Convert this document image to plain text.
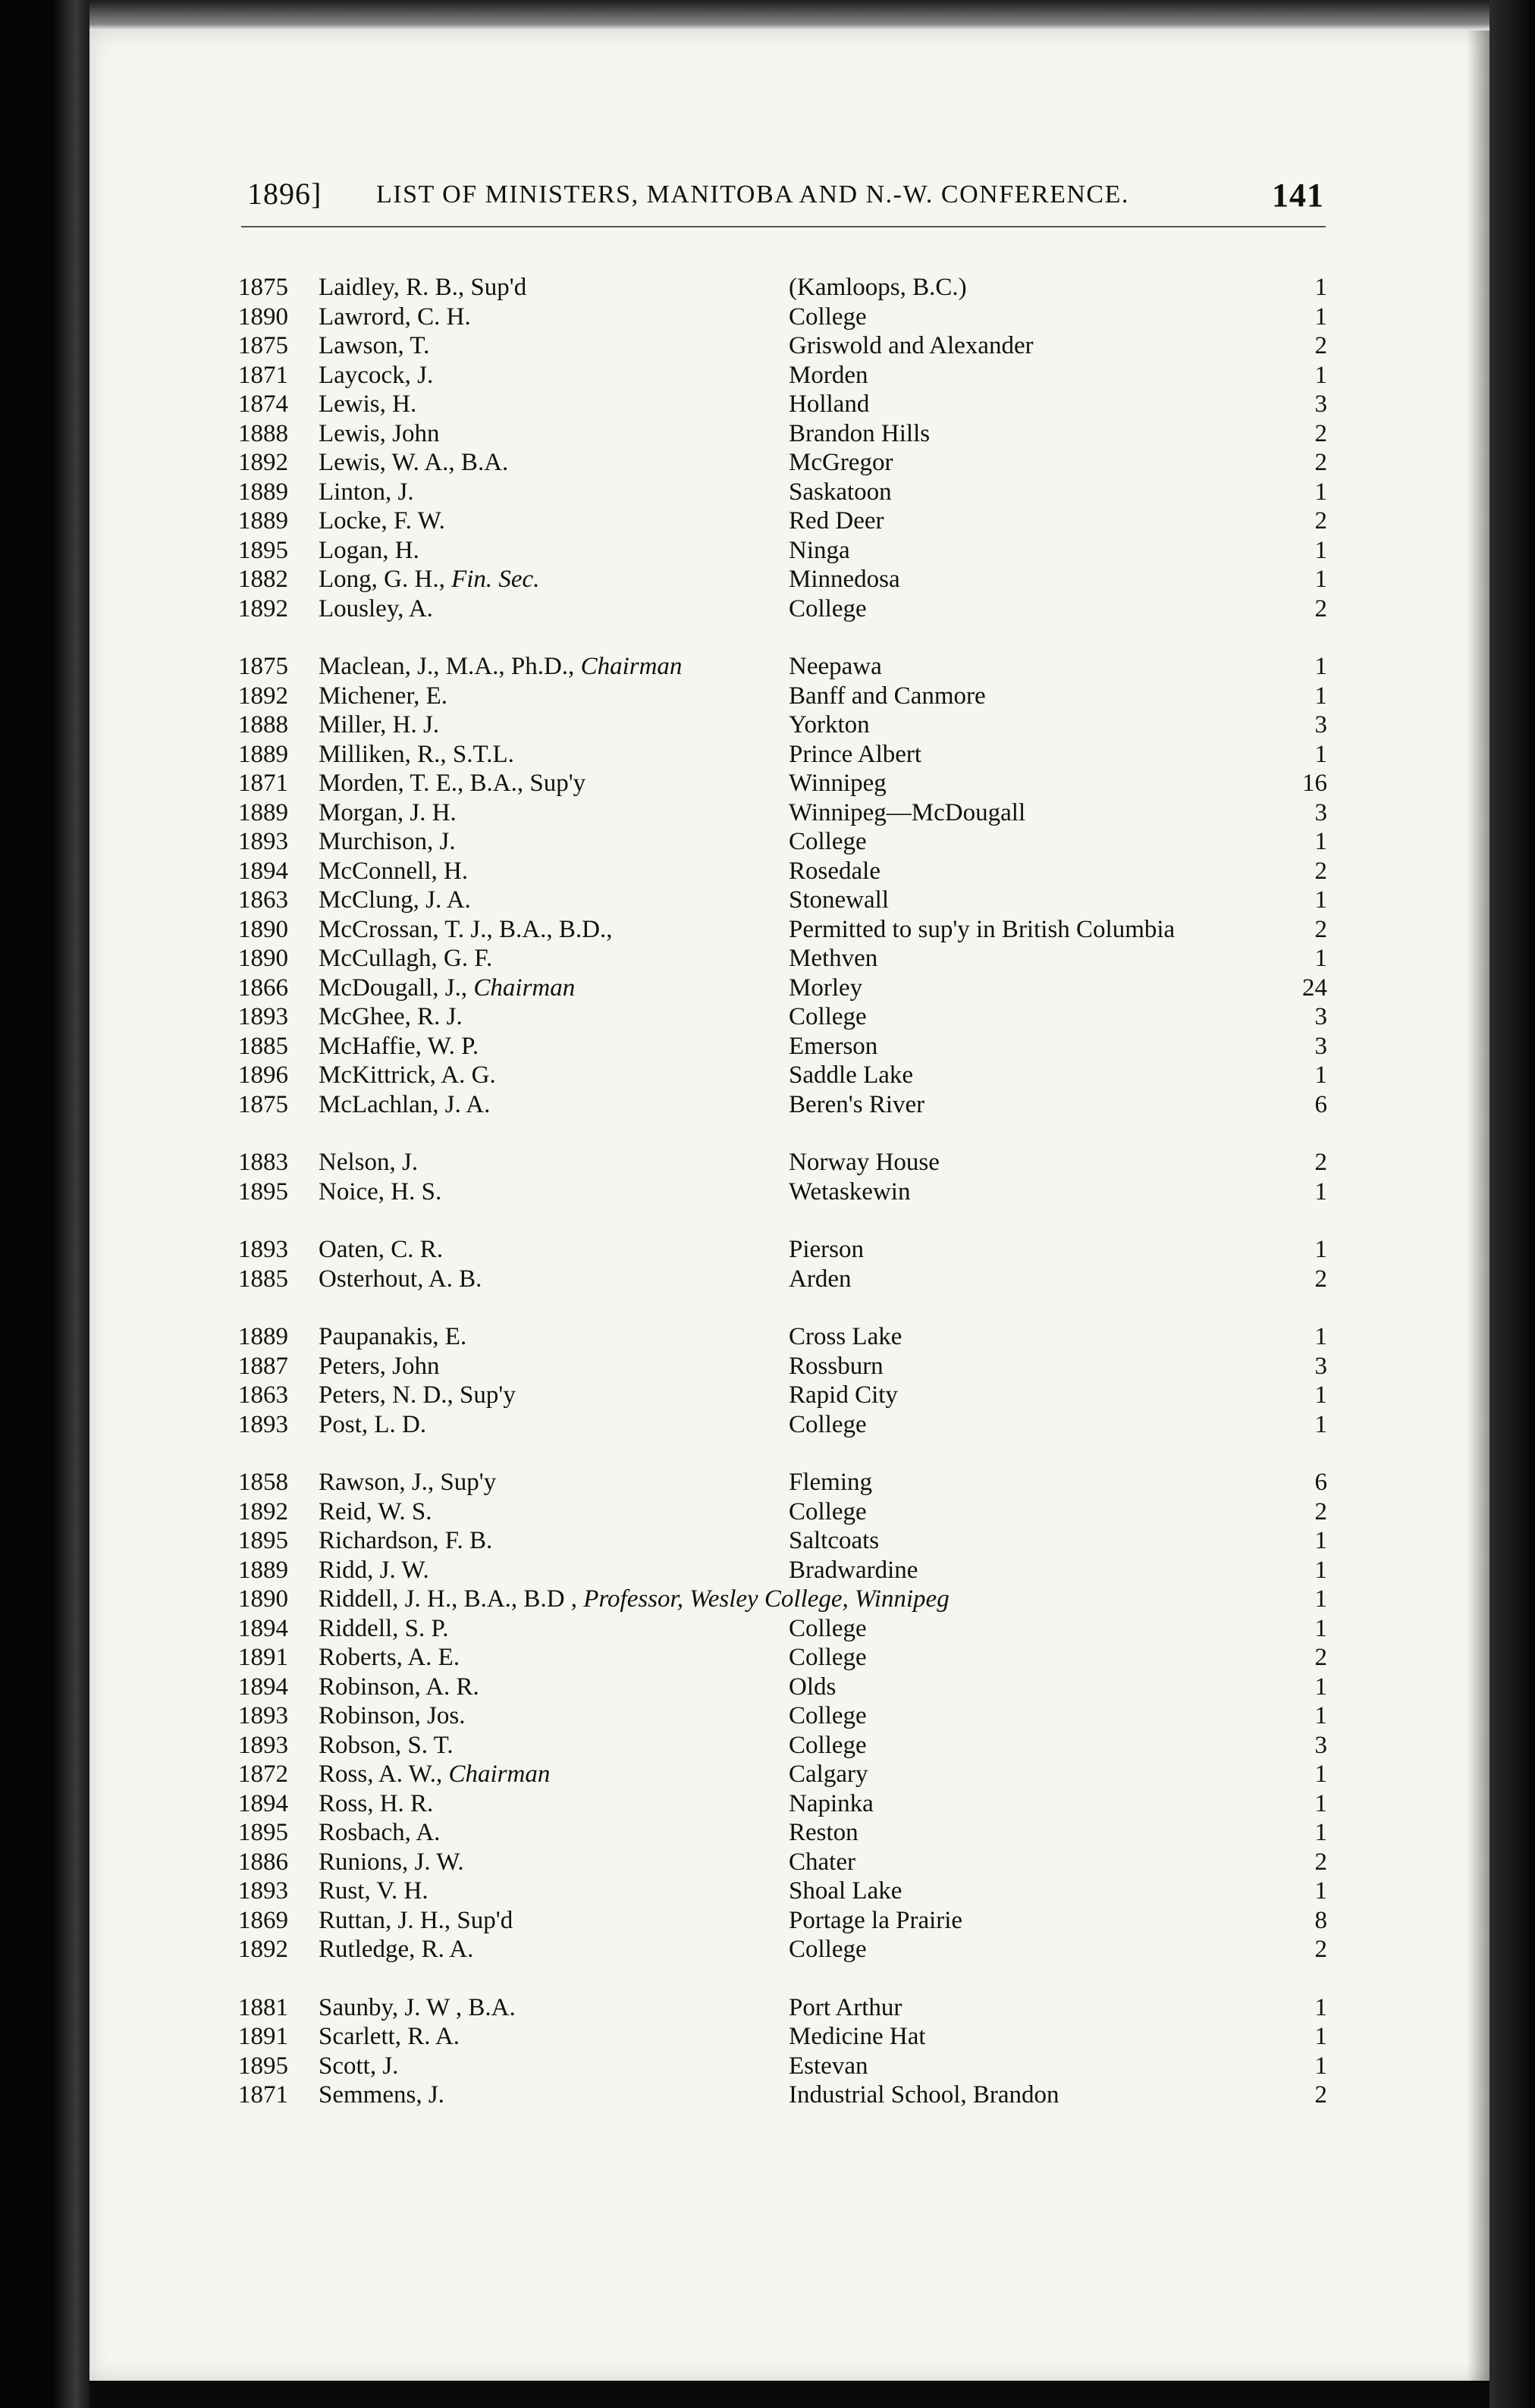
1896] LIST OF MINISTERS, MANITOBA AND N.-W. CONFERENCE.	141
1875	Laidley, R. B., Sup'd	(Kamloops, B.C.)	1
1890	Lawrord, C. H.	College	1
1875	Lawson, T.	Griswold and Alexander	2
1871	Laycock, J.	Morden	1
1874	Lewis, H.	Holland	3
1888	Lewis, John	Brandon Hills	2
1892	Lewis, W. A., B.A.	McGregor	2
1889	Linton, J.	Saskatoon	1
1889	Locke, F. W.	Red Deer	2
1895	Logan, H.	Ninga	1
1882	Long, G. H., Fin. Sec.	Minnedosa	1
1892	Lousley, A.	College	2
1875	Maclean, J., M.A., Ph.D., Chairman	Neepawa	1
1892	Michener, E.	Banff and Canmore	1
1888	Miller, H. J.	Yorkton	3
1889	Milliken, R., S.T.L.	Prince Albert	1
1871	Morden, T. E., B.A., Sup'y	Winnipeg	16
1889	Morgan, J. H.	Winnipeg—McDougall	3
1893	Murchison, J.	College	1
1894	McConnell, H.	Rosedale	2
1863	McClung, J. A.	Stonewall	1
1890	McCrossan, T. J., B.A., B.D.,	Permitted to sup'y in British Columbia	2
1890	McCullagh, G. F.	Methven	1
1866	McDougall, J., Chairman	Morley	24
1893	McGhee, R. J.	College	3
1885	McHaffie, W. P.	Emerson	3
1896	McKittrick, A. G.	Saddle Lake	1
1875	McLachlan, J. A.	Beren's River	6
1883	Nelson, J.	Norway House	2
1895	Noice, H. S.	Wetaskewin	1
1893	Oaten, C. R.	Pierson	1
1885	Osterhout, A. B.	Arden	2
1889	Paupanakis, E.	Cross Lake	1
1887	Peters, John	Rossburn	3
1863	Peters, N. D., Sup'y	Rapid City	1
1893	Post, L. D.	College	1
1858	Rawson, J., Sup'y	Fleming	6
1892	Reid, W. S.	College	2
1895	Richardson, F. B.	Saltcoats	1
1889	Ridd, J. W.	Bradwardine	1
1890	Riddell, J. H., B.A., B.D , Professor, Wesley College, Winnipeg	1
1894	Riddell, S. P.	College	1
1891	Roberts, A. E.	College	2
1894	Robinson, A. R.	Olds	1
1893	Robinson, Jos.	College	1
1893	Robson, S. T.	College	3
1872	Ross, A. W., Chairman	Calgary	1
1894	Ross, H. R.	Napinka	1
1895	Rosbach, A.	Reston	1
1886	Runions, J. W.	Chater	2
1893	Rust, V. H.	Shoal Lake	1
1869	Ruttan, J. H., Sup'd	Portage la Prairie	8
1892	Rutledge, R. A.	College	2
1881	Saunby, J. W , B.A.	Port Arthur	1
1891	Scarlett, R. A.	Medicine Hat	1
1895	Scott, J.	Estevan	1
1871	Semmens, J.	Industrial School, Brandon	2
